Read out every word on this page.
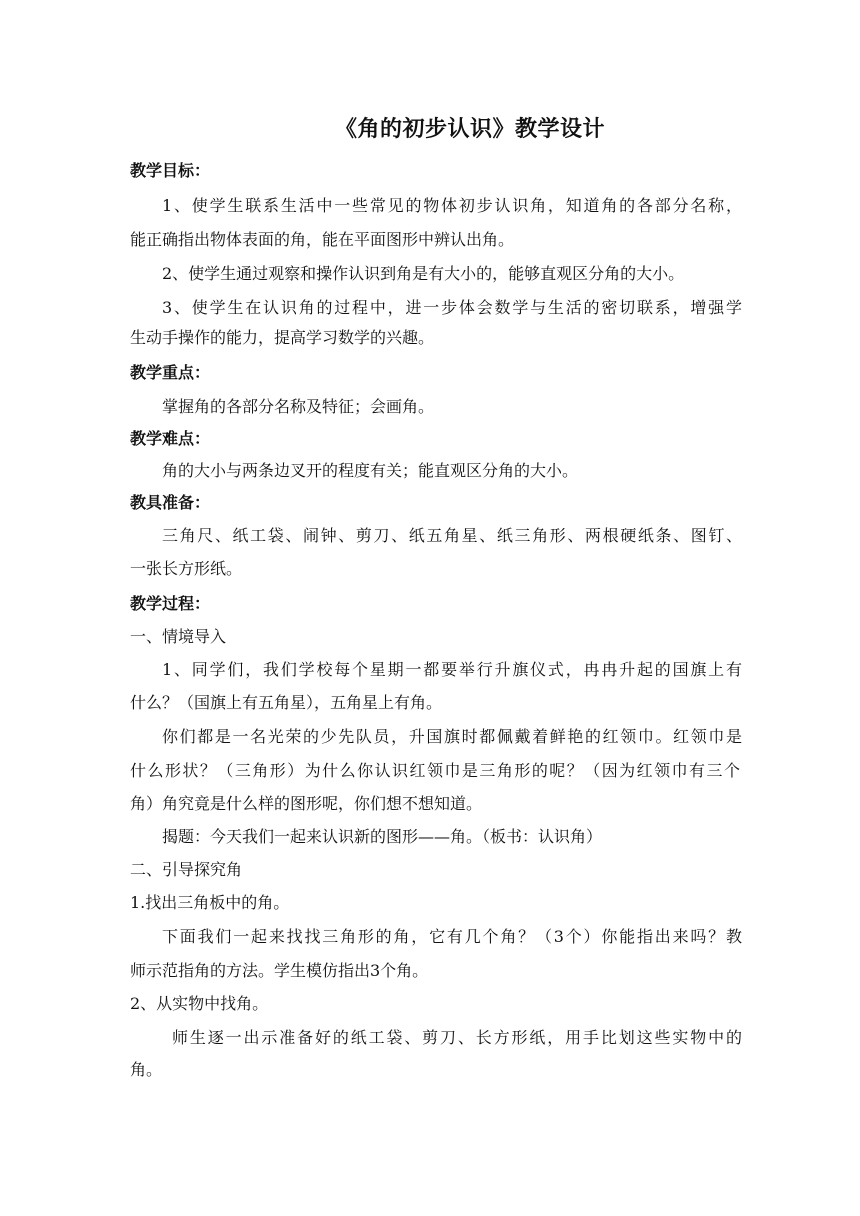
《角的初步认识》教学设计
教学目标：
1、使学生联系生活中一些常见的物体初步认识角，知道角的各部分名称，
能正确指出物体表面的角，能在平面图形中辨认出角。
2、使学生通过观察和操作认识到角是有大小的，能够直观区分角的大小。
3、使学生在认识角的过程中，进一步体会数学与生活的密切联系，增强学
生动手操作的能力，提高学习数学的兴趣。
教学重点：
掌握角的各部分名称及特征；会画角。
教学难点：
角的大小与两条边叉开的程度有关；能直观区分角的大小。
教具准备：
三角尺、纸工袋、闹钟、剪刀、纸五角星、纸三角形、两根硬纸条、图钉、
一张长方形纸。
教学过程：
一、情境导入
1、同学们，我们学校每个星期一都要举行升旗仪式，冉冉升起的国旗上有
什么？（国旗上有五角星），五角星上有角。
你们都是一名光荣的少先队员，升国旗时都佩戴着鲜艳的红领巾。红领巾是
什么形状？（三角形）为什么你认识红领巾是三角形的呢？（因为红领巾有三个
角）角究竟是什么样的图形呢，你们想不想知道。
揭题：今天我们一起来认识新的图形——角。（板书：认识角）
二、引导探究角
1.找出三角板中的角。
下面我们一起来找找三角形的角，它有几个角？（3个）你能指出来吗？教
师示范指角的方法。学生模仿指出3个角。
2、从实物中找角。
师生逐一出示准备好的纸工袋、剪刀、长方形纸，用手比划这些实物中的
角。
